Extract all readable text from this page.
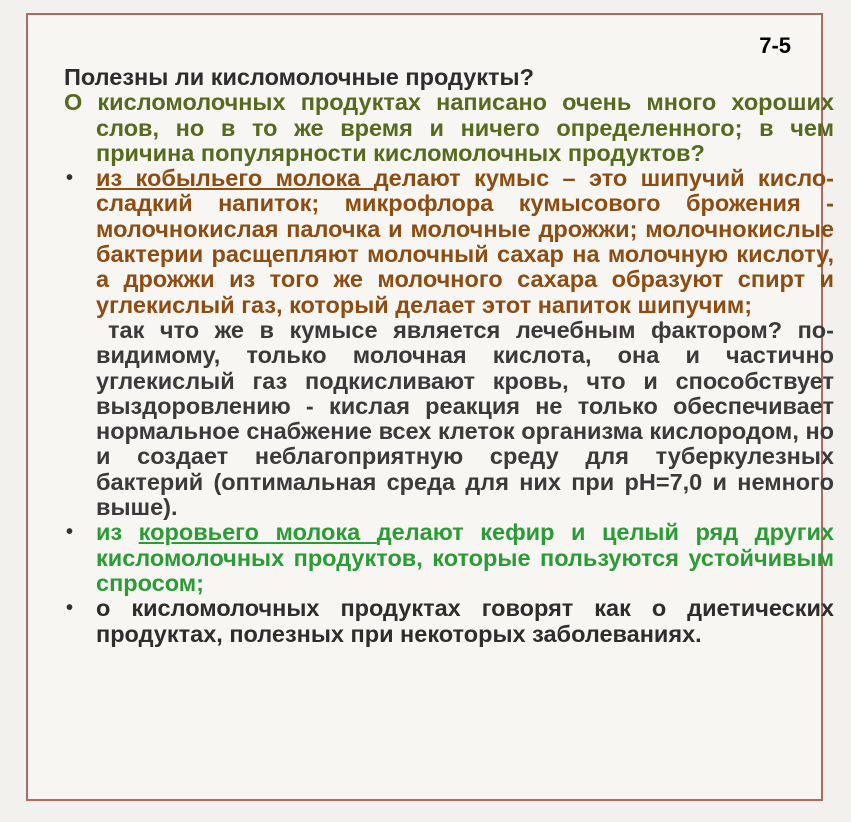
7-5
Полезны ли кисломолочные продукты?
О кисломолочных продуктах написано очень много хороших слов, но в то же время и ничего определенного; в чем причина популярности кисломолочных продуктов?
• из кобыльего молока делают кумыс – это шипучий кисло-сладкий напиток; микрофлора кумысового брожения - молочнокислая палочка и молочные дрожжи; молочнокислые бактерии расщепляют молочный сахар на молочную кислоту, а дрожжи из того же молочного сахара образуют спирт и углекислый газ, который делает этот напиток шипучим;
так что же в кумысе является лечебным фактором? по-видимому, только молочная кислота, она и частично углекислый газ подкисливают кровь, что и способствует выздоровлению - кислая реакция не только обеспечивает нормальное снабжение всех клеток организма кислородом, но и создает неблагоприятную среду для туберкулезных бактерий (оптимальная среда для них при pH=7,0 и немного выше).
• из коровьего молока делают кефир и целый ряд других кисломолочных продуктов, которые пользуются устойчивым спросом;
• о кисломолочных продуктах говорят как о диетических продуктах, полезных при некоторых заболеваниях.
